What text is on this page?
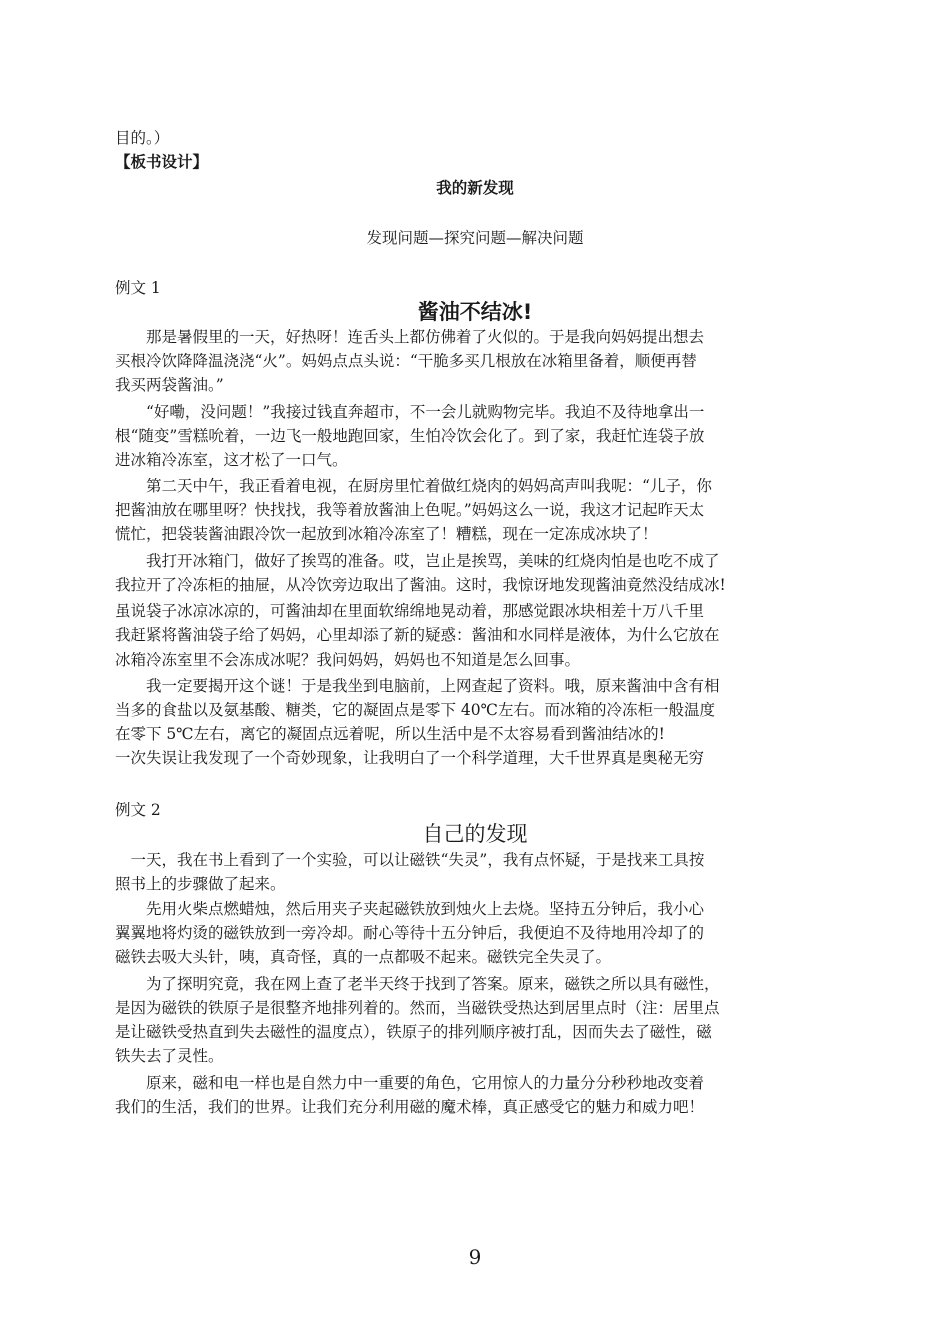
目的。）
【板书设计】
我的新发现
发现问题—探究问题—解决问题
例文 1
酱油不结冰!
　　那是暑假里的一天，好热呀！连舌头上都仿佛着了火似的。于是我向妈妈提出想去
买根冷饮降降温浇浇“火”。妈妈点点头说：“干脆多买几根放在冰箱里备着，顺便再替
我买两袋酱油。”
　　“好嘞，没问题！”我接过钱直奔超市，不一会儿就购物完毕。我迫不及待地拿出一
根“随变”雪糕吮着，一边飞一般地跑回家，生怕冷饮会化了。到了家，我赶忙连袋子放
进冰箱冷冻室，这才松了一口气。
　　第二天中午，我正看着电视，在厨房里忙着做红烧肉的妈妈高声叫我呢：“儿子，你
把酱油放在哪里呀？快找找，我等着放酱油上色呢。”妈妈这么一说，我这才记起昨天太
慌忙，把袋装酱油跟冷饮一起放到冰箱冷冻室了！糟糕，现在一定冻成冰块了！
　　我打开冰箱门，做好了挨骂的准备。哎，岂止是挨骂，美味的红烧肉怕是也吃不成了
我拉开了冷冻柜的抽屉，从冷饮旁边取出了酱油。这时，我惊讶地发现酱油竟然没结成冰!
虽说袋子冰凉冰凉的，可酱油却在里面软绵绵地晃动着，那感觉跟冰块相差十万八千里
我赶紧将酱油袋子给了妈妈，心里却添了新的疑惑：酱油和水同样是液体，为什么它放在
冰箱冷冻室里不会冻成冰呢？我问妈妈，妈妈也不知道是怎么回事。
　　我一定要揭开这个谜！于是我坐到电脑前，上网查起了资料。哦，原来酱油中含有相
当多的食盐以及氨基酸、糖类，它的凝固点是零下 40℃左右。而冰箱的冷冻柜一般温度
在零下 5℃左右，离它的凝固点远着呢，所以生活中是不太容易看到酱油结冰的!
一次失误让我发现了一个奇妙现象，让我明白了一个科学道理，大千世界真是奥秘无穷
例文 2
自己的发现
　一天，我在书上看到了一个实验，可以让磁铁“失灵”，我有点怀疑，于是找来工具按
照书上的步骤做了起来。
　　先用火柴点燃蜡烛，然后用夹子夹起磁铁放到烛火上去烧。坚持五分钟后，我小心
翼翼地将灼烫的磁铁放到一旁冷却。耐心等待十五分钟后，我便迫不及待地用冷却了的
磁铁去吸大头针，咦，真奇怪，真的一点都吸不起来。磁铁完全失灵了。
　　为了探明究竟，我在网上查了老半天终于找到了答案。原来，磁铁之所以具有磁性，
是因为磁铁的铁原子是很整齐地排列着的。然而，当磁铁受热达到居里点时（注：居里点
是让磁铁受热直到失去磁性的温度点），铁原子的排列顺序被打乱，因而失去了磁性，磁
铁失去了灵性。
　　原来，磁和电一样也是自然力中一重要的角色，它用惊人的力量分分秒秒地改变着
我们的生活，我们的世界。让我们充分利用磁的魔术棒，真正感受它的魅力和威力吧！
9
